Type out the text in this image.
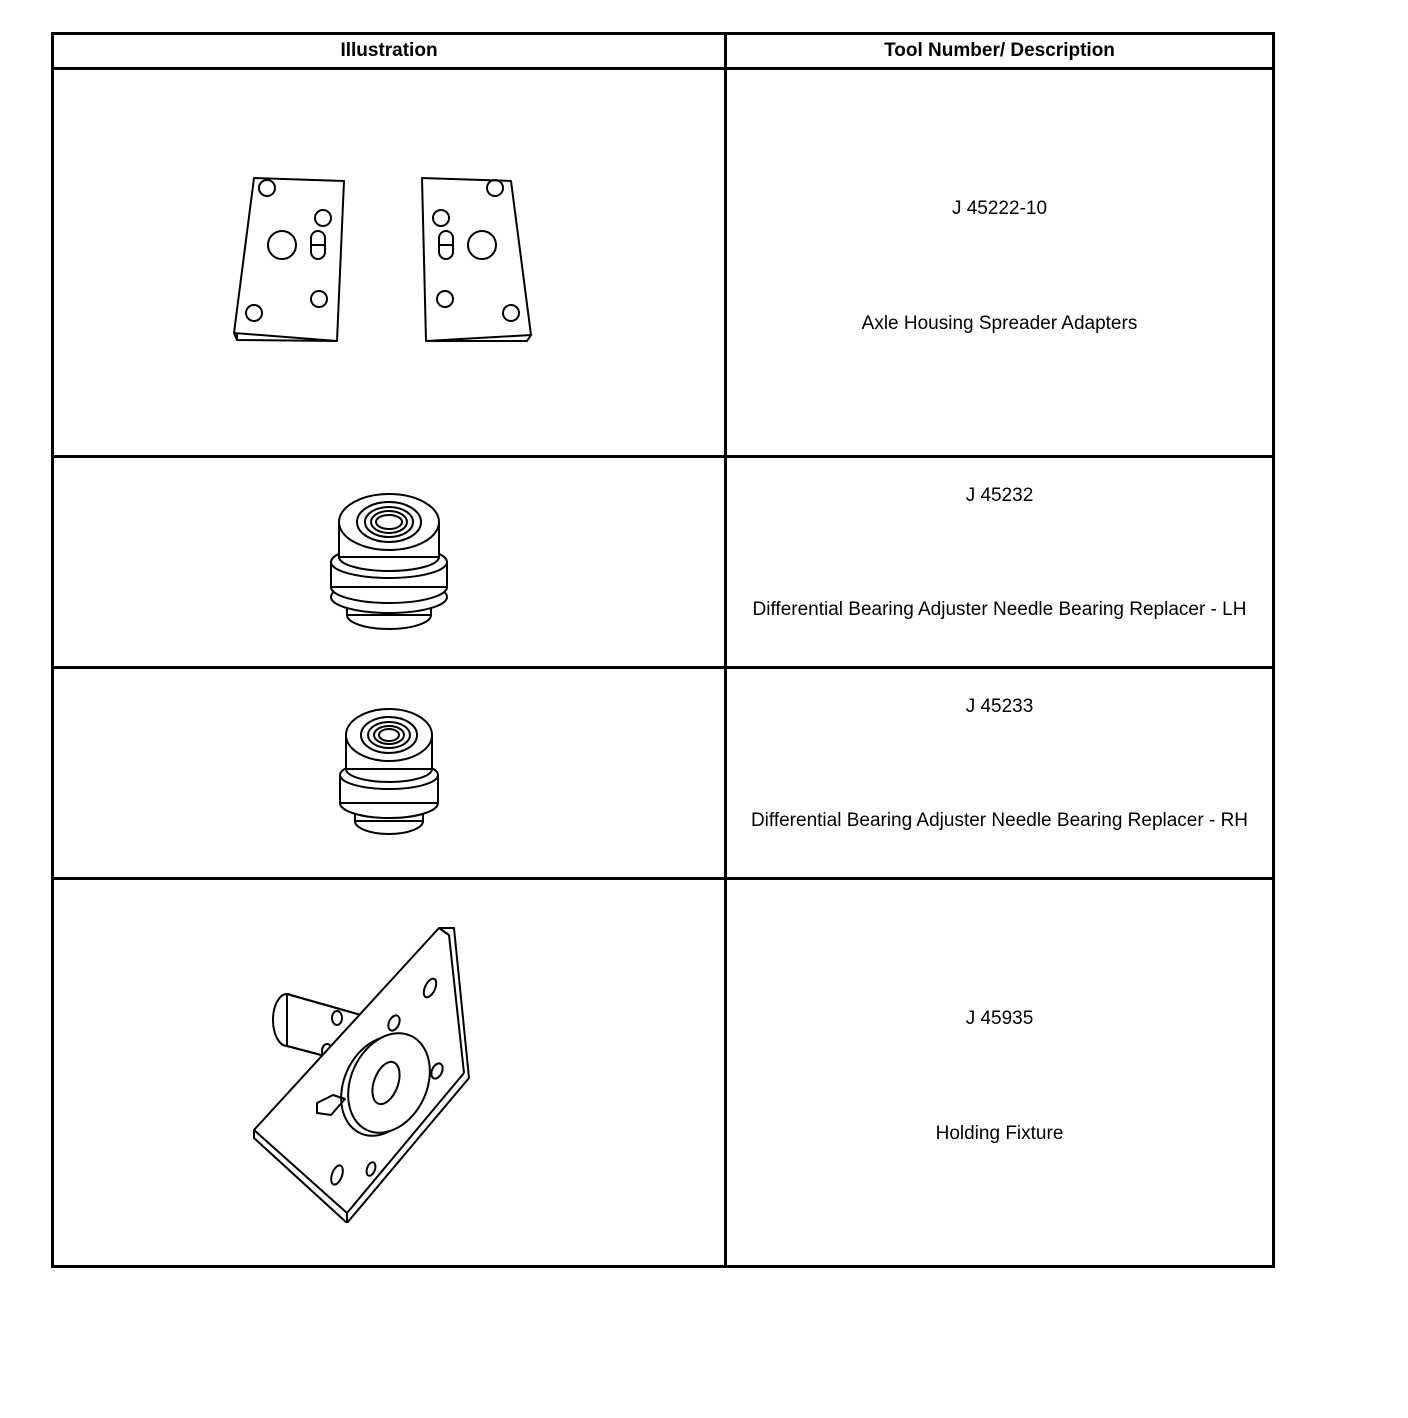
Illustration	Tool Number/ Description

J 45222-10
Axle Housing Spreader Adapters

J 45232
Differential Bearing Adjuster Needle Bearing Replacer - LH

J 45233
Differential Bearing Adjuster Needle Bearing Replacer - RH

J 45935
Holding Fixture
